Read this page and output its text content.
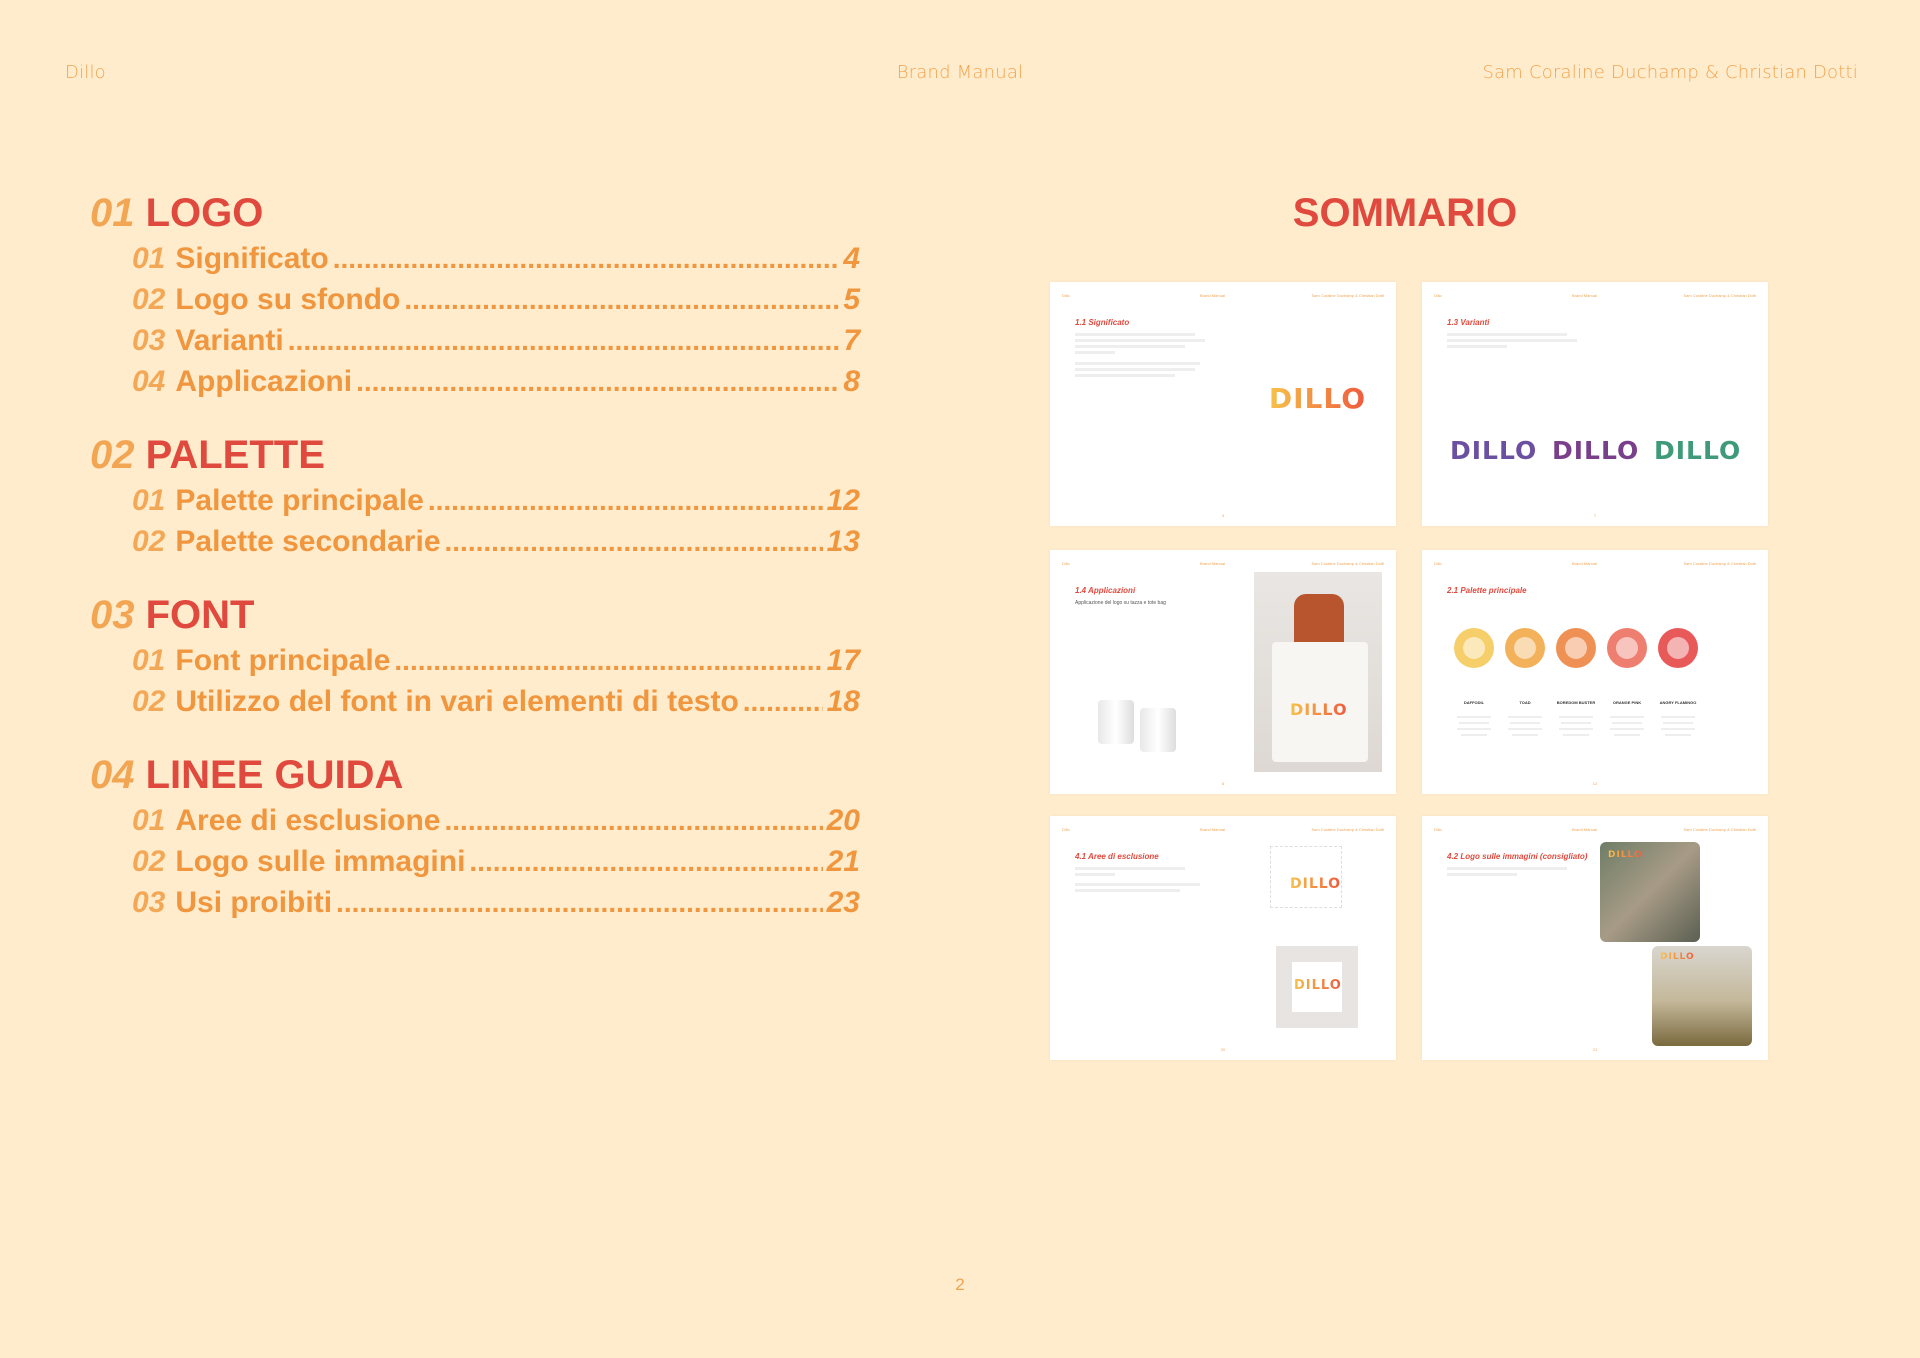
Dillo	Brand Manual	Sam Coraline Duchamp & Christian Dotti
01 LOGO
01 Significato .....	4
02 Logo su sfondo .....	5
03 Varianti .....	7
04 Applicazioni .....	8
02 PALETTE
01 Palette principale .....	12
02 Palette secondarie .....	13
03 FONT
01 Font principale .....	17
02 Utilizzo del font in vari elementi di testo .....	18
04 LINEE GUIDA
01 Aree di esclusione .....	20
02 Logo sulle immagini .....	21
03 Usi proibiti .....	23
SOMMARIO
Dillo	Brand Manual	Sam Coraline Duchamp & Christian Dotti
1.1 Significato
DILLO
4
Dillo	Brand Manual	Sam Coraline Duchamp & Christian Dotti
1.3 Varianti
DILLO DILLO DILLO
7
Dillo	Brand Manual	Sam Coraline Duchamp & Christian Dotti
1.4 Applicazioni
Applicazione del logo su tazza e tote bag
DILLO
8
Dillo	Brand Manual	Sam Coraline Duchamp & Christian Dotti
2.1 Palette principale
12
DAFFODIL	TOAD	BOREDOM BUSTER	ORANGE PINK	ANGRY FLAMINGO
Dillo	Brand Manual	Sam Coraline Duchamp & Christian Dotti
4.1 Aree di esclusione
DILLO
DILLO
20
Dillo	Brand Manual	Sam Coraline Duchamp & Christian Dotti
4.2 Logo sulle immagini (consigliato) DILLO
DILLO
21
2
